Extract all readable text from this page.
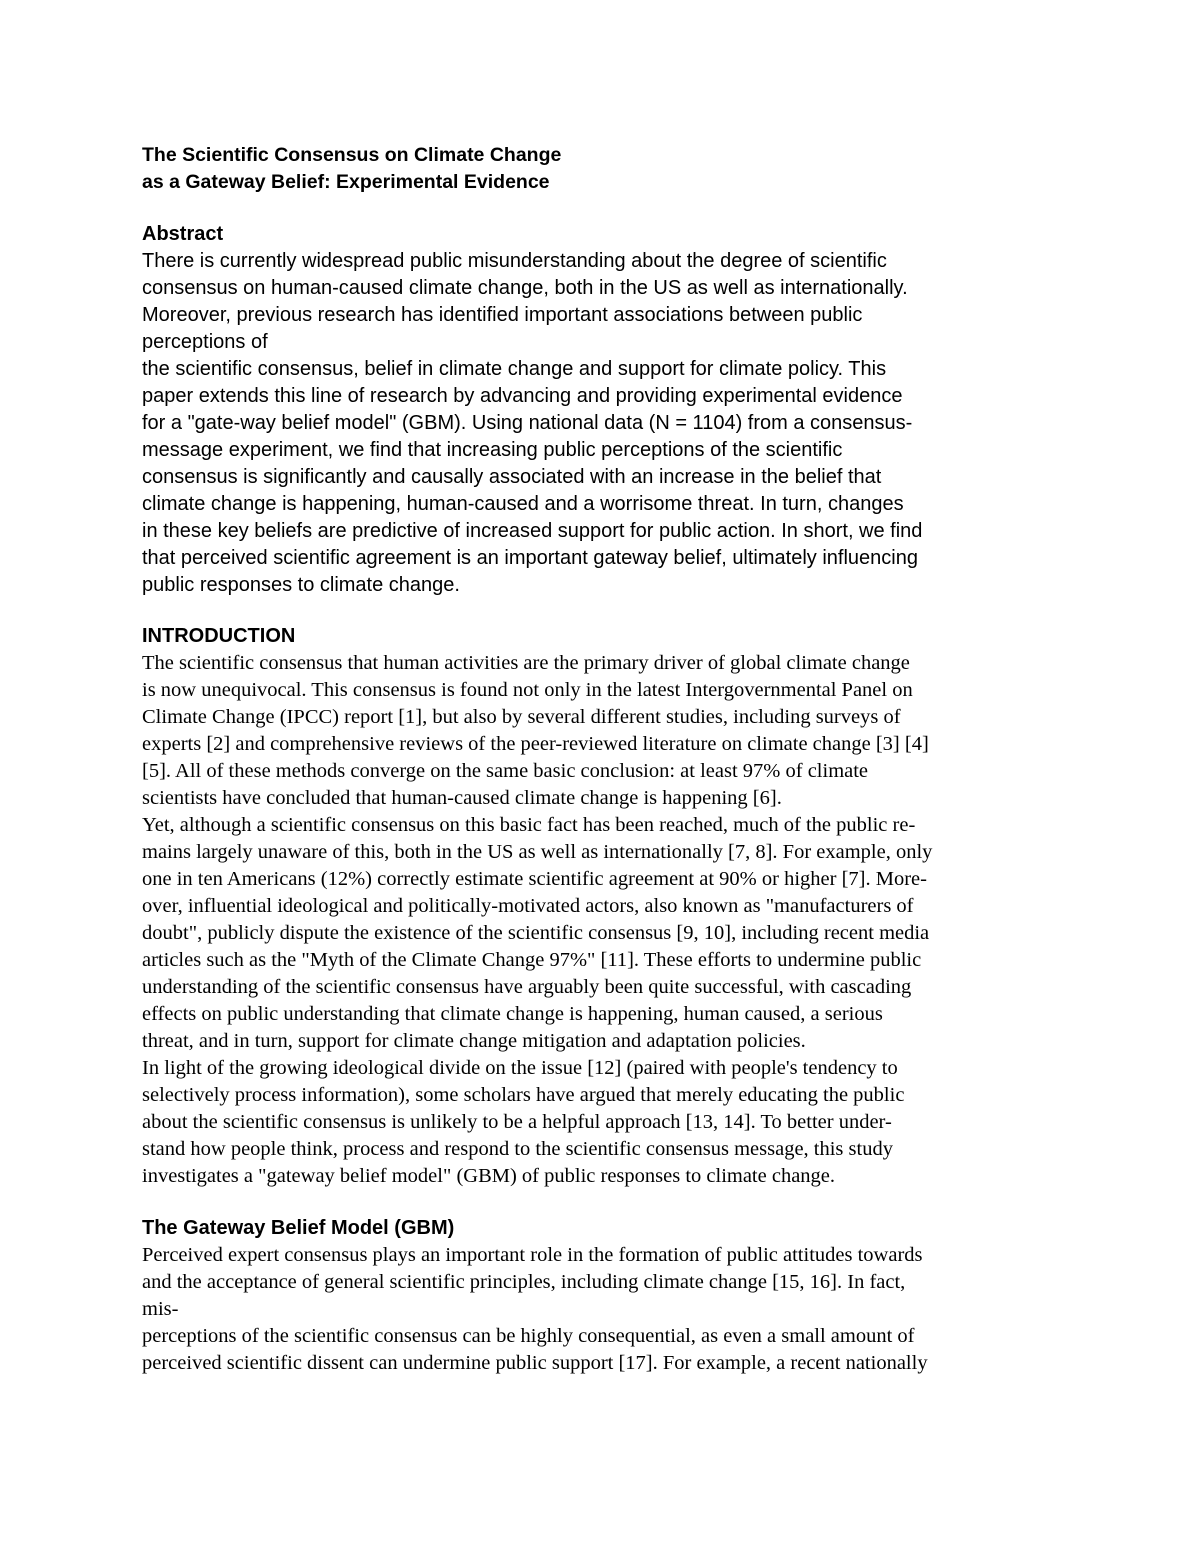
The Scientific Consensus on Climate Change
as a Gateway Belief: Experimental Evidence
Abstract
There is currently widespread public misunderstanding about the degree of scientific
consensus on human-caused climate change, both in the US as well as internationally.
Moreover, previous research has identified important associations between public
perceptions of
the scientific consensus, belief in climate change and support for climate policy. This
paper extends this line of research by advancing and providing experimental evidence
for a "gate-way belief model" (GBM). Using national data (N = 1104) from a consensus-
message experiment, we find that increasing public perceptions of the scientific
consensus is significantly and causally associated with an increase in the belief that
climate change is happening, human-caused and a worrisome threat. In turn, changes
in these key beliefs are predictive of increased support for public action. In short, we find
that perceived scientific agreement is an important gateway belief, ultimately influencing
public responses to climate change.
INTRODUCTION
The scientific consensus that human activities are the primary driver of global climate change
is now unequivocal. This consensus is found not only in the latest Intergovernmental Panel on
Climate Change (IPCC) report [1], but also by several different studies, including surveys of
experts [2] and comprehensive reviews of the peer-reviewed literature on climate change [3] [4]
[5]. All of these methods converge on the same basic conclusion: at least 97% of climate
scientists have concluded that human-caused climate change is happening [6].
Yet, although a scientific consensus on this basic fact has been reached, much of the public re-
mains largely unaware of this, both in the US as well as internationally [7, 8]. For example, only
one in ten Americans (12%) correctly estimate scientific agreement at 90% or higher [7]. More-
over, influential ideological and politically-motivated actors, also known as "manufacturers of
doubt", publicly dispute the existence of the scientific consensus [9, 10], including recent media
articles such as the "Myth of the Climate Change 97%" [11]. These efforts to undermine public
understanding of the scientific consensus have arguably been quite successful, with cascading
effects on public understanding that climate change is happening, human caused, a serious
threat, and in turn, support for climate change mitigation and adaptation policies.
In light of the growing ideological divide on the issue [12] (paired with people's tendency to
selectively process information), some scholars have argued that merely educating the public
about the scientific consensus is unlikely to be a helpful approach [13, 14]. To better under-
stand how people think, process and respond to the scientific consensus message, this study
investigates a "gateway belief model" (GBM) of public responses to climate change.
The Gateway Belief Model (GBM)
Perceived expert consensus plays an important role in the formation of public attitudes towards
and the acceptance of general scientific principles, including climate change [15, 16]. In fact,
mis-
perceptions of the scientific consensus can be highly consequential, as even a small amount of
perceived scientific dissent can undermine public support [17]. For example, a recent nationally
